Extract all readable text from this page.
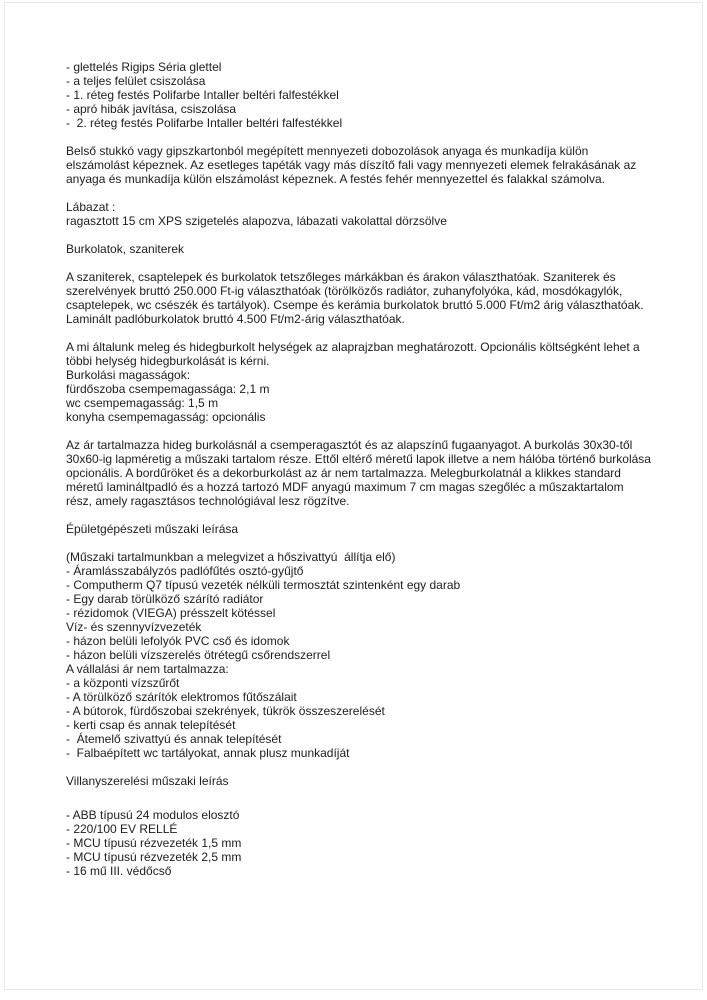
- glettelés Rigips Séria glettel
- a teljes felület csiszolása
- 1. réteg festés Polifarbe Intaller beltéri falfestékkel
- apró hibák javítása, csiszolása
-  2. réteg festés Polifarbe Intaller beltéri falfestékkel
Belső stukkó vagy gipszkartonból megépített mennyezeti dobozolások anyaga és munkadíja külön elszámolást képeznek. Az esetleges tapéták vagy más díszítő fali vagy mennyezeti elemek felrakásának az anyaga és munkadíja külön elszámolást képeznek. A festés fehér mennyezettel és falakkal számolva.
Lábazat :
ragasztott 15 cm XPS szigetelés alapozva, lábazati vakolattal dörzsölve
Burkolatok, szaniterek
A szaniterek, csaptelepek és burkolatok tetszőleges márkákban és árakon választhatóak. Szaniterek és szerelvények bruttó 250.000 Ft-ig választhatóak (törölközős radiátor, zuhanyfolyóka, kád, mosdókagylók, csaptelepek, wc csészék és tartályok). Csempe és kerámia burkolatok bruttó 5.000 Ft/m2 árig választhatóak. Laminált padlóburkolatok bruttó 4.500 Ft/m2-árig választhatóak.
A mi általunk meleg és hidegburkolt helységek az alaprajzban meghatározott. Opcionális költségként lehet a többi helység hidegburkolását is kérni.
Burkolási magasságok:
fürdőszoba csempemagassága: 2,1 m
wc csempemagasság: 1,5 m
konyha csempemagasság: opcionális
Az ár tartalmazza hideg burkolásnál a csemperagasztót és az alapszínű fugaanyagot. A burkolás 30x30-től 30x60-ig lapméretig a műszaki tartalom része. Ettől eltérő méretű lapok illetve a nem hálóba történő burkolása opcionális. A bordűröket és a dekorburkolást az ár nem tartalmazza. Melegburkolatnál a klikkes standard méretű lamináltpadló és a hozzá tartozó MDF anyagú maximum 7 cm magas szegőléc a műszaktartalom rész, amely ragasztásos technológiával lesz rögzítve.
Épületgépészeti műszaki leírása
(Műszaki tartalmunkban a melegvizet a hőszivattyú  állítja elő)
- Áramlásszabályzós padlófűtés osztó-gyűjtő
- Computherm Q7 típusú vezeték nélküli termosztát szintenként egy darab
- Egy darab törülköző szárító radiátor
- rézidomok (VIEGA) présszelt kötéssel
Víz- és szennyvízvezeték
- házon belüli lefolyók PVC cső és idomok
- házon belüli vízszerelés ötrétegű csőrendszerrel
A vállalási ár nem tartalmazza:
- a központi vízszűrőt
- A törülköző szárítók elektromos fűtőszálait
- A bútorok, fürdőszobai szekrények, tükrök összeszerelését
- kerti csap és annak telepítését
-  Átemelő szivattyú és annak telepítését
-  Falbaépített wc tartályokat, annak plusz munkadíját
Villanyszerelési műszaki leírás
- ABB típusú 24 modulos elosztó
- 220/100 EV RELLÉ
- MCU típusú rézvezeték 1,5 mm
- MCU típusú rézvezeték 2,5 mm
- 16 mű III. védőcső
